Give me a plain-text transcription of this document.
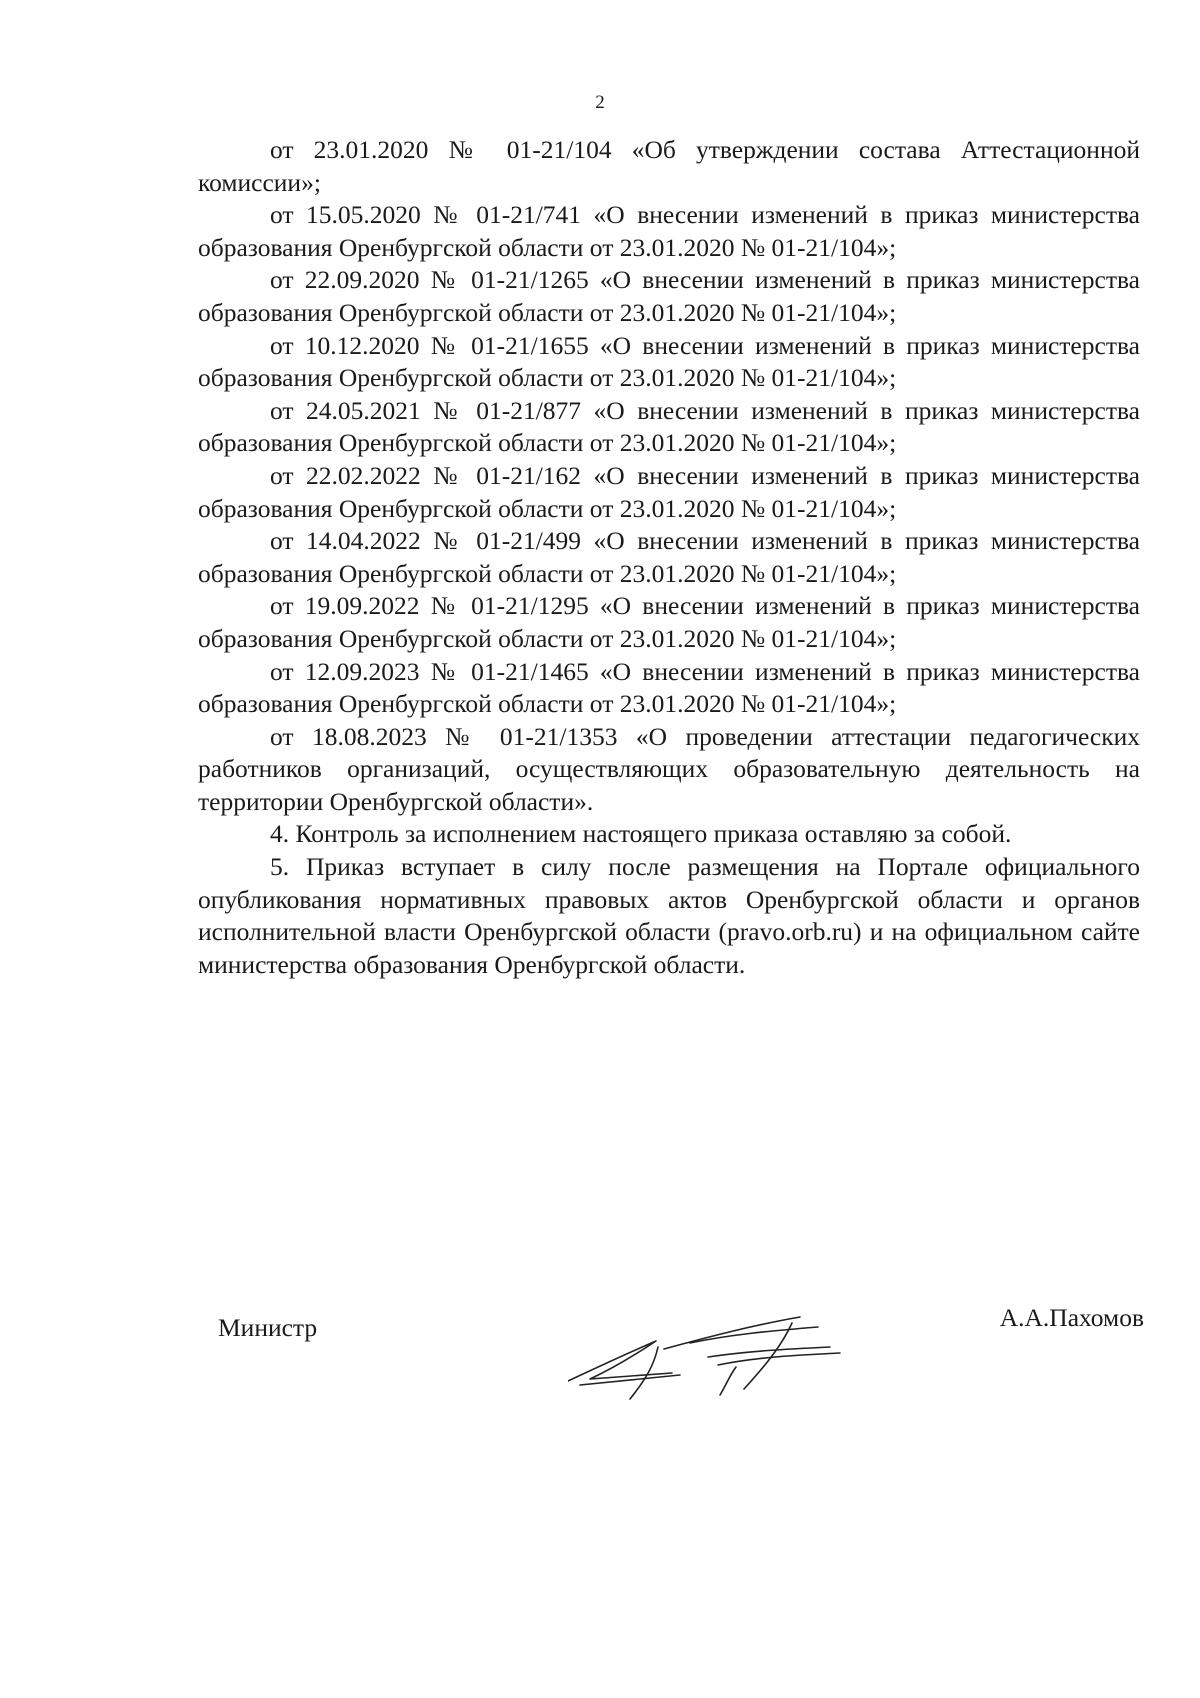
2

от 23.01.2020 № 01-21/104 «Об утверждении состава Аттестационной комиссии»;

от 15.05.2020 № 01-21/741 «О внесении изменений в приказ министерства образования Оренбургской области от 23.01.2020 № 01-21/104»;

от 22.09.2020 № 01-21/1265 «О внесении изменений в приказ министерства образования Оренбургской области от 23.01.2020 № 01-21/104»;

от 10.12.2020 № 01-21/1655 «О внесении изменений в приказ министерства образования Оренбургской области от 23.01.2020 № 01-21/104»;

от 24.05.2021 № 01-21/877 «О внесении изменений в приказ министерства образования Оренбургской области от 23.01.2020 № 01-21/104»;

от 22.02.2022 № 01-21/162 «О внесении изменений в приказ министерства образования Оренбургской области от 23.01.2020 № 01-21/104»;

от 14.04.2022 № 01-21/499 «О внесении изменений в приказ министерства образования Оренбургской области от 23.01.2020 № 01-21/104»;

от 19.09.2022 № 01-21/1295 «О внесении изменений в приказ министерства образования Оренбургской области от 23.01.2020 № 01-21/104»;

от 12.09.2023 № 01-21/1465 «О внесении изменений в приказ министерства образования Оренбургской области от 23.01.2020 № 01-21/104»;

от 18.08.2023 № 01-21/1353 «О проведении аттестации педагогических работников организаций, осуществляющих образовательную деятельность на территории Оренбургской области».

4. Контроль за исполнением настоящего приказа оставляю за собой.

5. Приказ вступает в силу после размещения на Портале официального опубликования нормативных правовых актов Оренбургской области и органов исполнительной власти Оренбургской области (pravo.orb.ru) и на официальном сайте министерства образования Оренбургской области.

Министр	А.А.Пахомов
